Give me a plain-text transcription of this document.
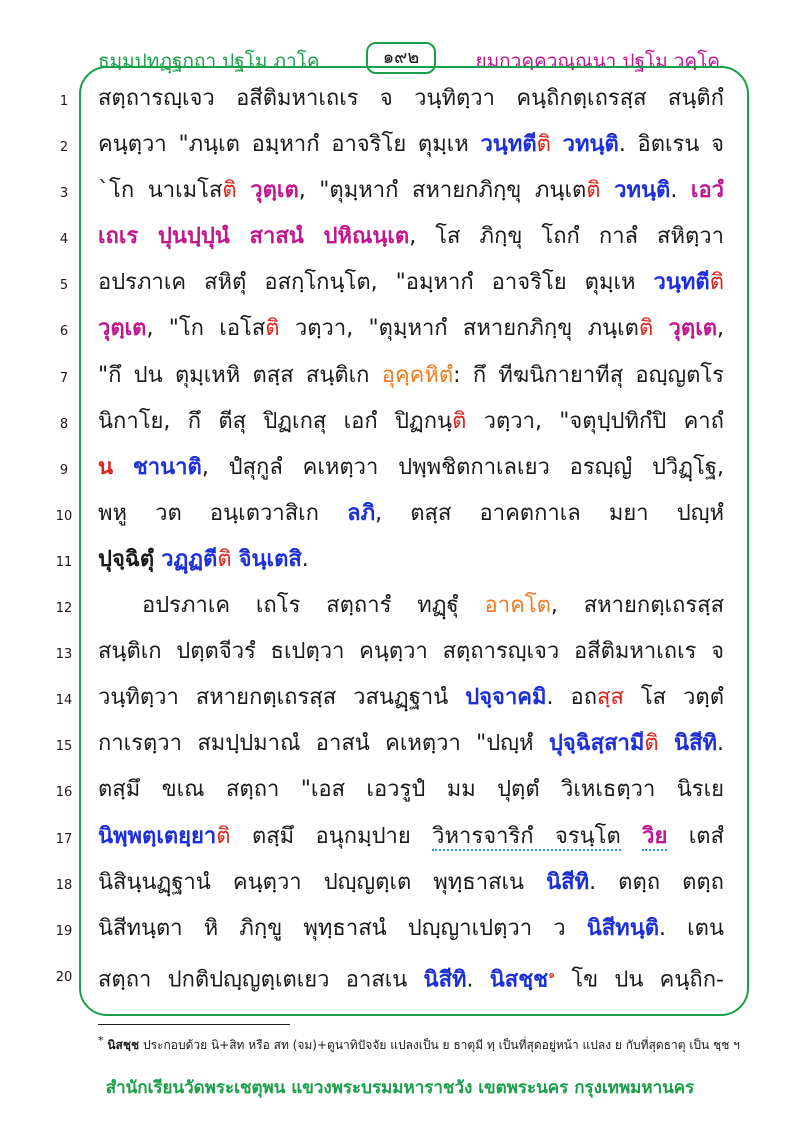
ธมฺมปทฏฺฐกถา ปฐโม ภาโค	๑๙๒	ยมกวคฺควณฺณนา ปฐโม วคฺโค
1	สตฺถารญฺเจว อสีติมหาเถเร จ วนฺทิตฺวา คนฺถิกตฺเถรสฺส สนฺติกํ
2	คนฺตฺวา "ภนฺเต อมฺหากํ อาจริโย ตุมฺเห วนฺทตีติ วทนฺติ. อิตเรน จ
3	`โก นาเมโสติ วุตฺเต, "ตุมฺหากํ สหายกภิกฺขุ ภนฺเตติ วทนฺติ. เอวํ
4	เถเร ปุนปฺปุนํ สาสนํ ปหิณนฺเต, โส ภิกฺขุ โถกํ กาลํ สหิตฺวา
5	อปรภาเค สหิตุํ อสกฺโกนฺโต, "อมฺหากํ อาจริโย ตุมฺเห วนฺทตีติ
6	วุตฺเต, "โก เอโสติ วตฺวา, "ตุมฺหากํ สหายกภิกฺขุ ภนฺเตติ วุตฺเต,
7	"กึ ปน ตุมฺเหหิ ตสฺส สนฺติเก อุคฺคหิตํ: กึ ทีฆนิกายาทีสุ อญฺญตโร
8	นิกาโย, กึ ตีสุ ปิฏเกสุ เอกํ ปิฏกนฺติ วตฺวา, "จตุปฺปทิกํปิ คาถํ
9	น ชานาติ, ปํสุกูลํ คเหตฺวา ปพฺพชิตกาเลเยว อรญฺญํ ปวิฏฺโฐ,
10 พหู วต อนฺเตวาสิเก ลภิ, ตสฺส อาคตกาเล มยา ปญฺหํ
11 ปุจฺฉิตุํ วฏฺฏตีติ จินฺเตสิ.
12	อปรภาเค เถโร สตฺถารํ ทฏฺฐุํ อาคโต, สหายกตฺเถรสฺส
13 สนฺติเก ปตฺตจีวรํ ธเปตฺวา คนฺตฺวา สตฺถารญฺเจว อสีติมหาเถเร จ
14 วนฺทิตฺวา สหายกตฺเถรสฺส วสนฏฺฐานํ ปจฺจาคมิ. อถสฺส โส วตฺตํ
15 กาเรตฺวา สมปฺปมาณํ อาสนํ คเหตฺวา "ปญฺหํ ปุจฺฉิสฺสามีติ นิสีทิ.
16 ตสฺมึ ขเณ สตฺถา "เอส เอวรูปํ มม ปุตฺตํ วิเหเธตฺวา นิรเย
17 นิพฺพตฺเตยฺยาติ ตสฺมึ อนุกมฺปาย วิหารจาริกํ จรนฺโต วิย เตสํ
18 นิสินฺนฏฺฐานํ คนฺตฺวา ปญฺญตฺเต พุทฺธาสเน นิสีทิ. ตตฺถ ตตฺถ
19 นิสีทนฺตา หิ ภิกฺขู พุทฺธาสนํ ปญฺญาเปตฺวา ว นิสีทนฺติ. เตน
20 สตฺถา ปกติปญฺญตฺเตเยว อาสเน นิสีทิ. นิสชฺช$^๑$ โข ปน คนฺถิก-
* นิสชฺช ประกอบด้วย นิ+สิท หรือ สท (จม)+ตูนาทิปัจจัย แปลงเป็น ย ธาตุมี ทฺ เป็นที่สุดอยู่หน้า แปลง ย กับที่สุดธาตุ เป็น ชฺช ฯ
สำนักเรียนวัดพระเชตุพน แขวงพระบรมมหาราชวัง เขตพระนคร กรุงเทพมหานคร
